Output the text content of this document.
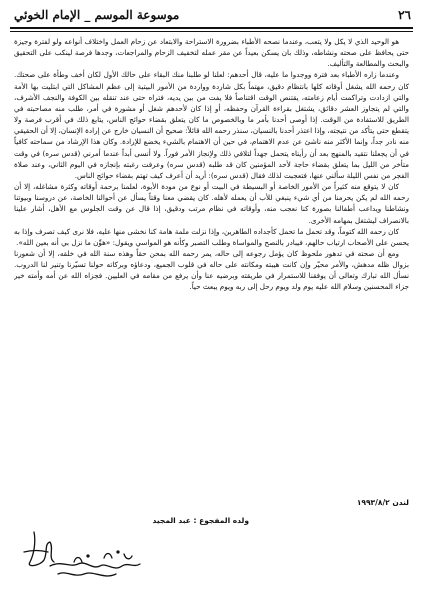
٢٦
موسوعة الموسم _ الإمام الخوئي

هو الوحيد الذي لا يكل ولا يتعب، وعندما نصحه الأطباء بضرورة الاستراحة والابتعاد عن زحام العمل واختلاف أنواعه ولو لفترة وجيزة حتى يحافظ على صحته ونشاطه، وذلك بان يسكن بعيداً عن مقر عمله لتخفيف الزحام والمراجعات، وجدها فرصة لينكب على التحقيق والبحث والمطالعة والتأليف.

وعندما زاره الأطباء بعد فترة ووجدوا ما عليه، قال أحدهم: لعلنا لو طلبنا منك البقاء على حالك الأول لكان أخف وطأة على صحتك. كان رحمه الله يشغل أوقاته كلها بانتظام دقيق، مهتماً بكل شاردة وواردة من الأمور البيتية إلى عظم المشاكل التي ابتليت بها الأمة والتي ازدادت وتراكمت أيام زعامته، يقتنص الوقت اقتناصاً فلا يفت من بين يديه، فتراه حتى عند تنقله بين الكوفة والنجف الأشرف، والتي لم يتجاوز العشر دقائق، يشتغل بقراءة القرآن وحفظه، أو إذا كان لأحدهم شغل أو مشورة في أمر، طلب منه مصاحبته في الطريق للاستفادة من الوقت. إذا أوصى أحدنا بأمر ما وبالخصوص ما كان يتعلق بقضاء حوائج الناس، يتابع ذلك في أقرب فرصة ولا يتقطع حتى يتأكد من نتيجته، وإذا اعتذر أحدنا بالنسيان، سنذر رحمه الله قائلاً: صحيح أن النسيان خارج عن إرادة الإنسان، إلا أن الحقيقي منه نادر جداً، وإنما الأكثر منه ناشئ عن عدم الاهتمام، في حين أن الاهتمام بالشيء يخضع للإرادة. وكان هذا الإرشاد من سماحته كافياً في أن يجعلنا نتقيد بالمنهج بعد أن رأيناه يتحمل جهداً لتلافي ذلك ولإنجاز الأمر فوراً. ولا أنسى أبداً عندما أمرني (قدس سره) في وقت متأخر من الليل بما يتعلق بقضاء حاجة لأحد المؤمنين كان قد طلبه (قدس سره) وعرفت رغبته بإنجازه في اليوم الثاني، وعند صلاة الفجر من نفس الليلة سألني عنها، فتعجبت لذلك فقال (قدس سره): أريد أن أعرف كيف تهتم بقضاء حوائج الناس.

كان لا يتوقع منه كثيراً من الأمور الخاصة أو البسيطة في البيت أو نوع من مودة الأبوة، لعلمنا برحمة أوقاته وكثرة مشاغله، إلا أن رحمه الله لم يكن يحرمنا من أي شيء ينبغي للأب أن يعمله لأهله. كان يقضي معنا وقتاً يسأل عن أحوالنا الخاصة، عن دروسنا وبيوتنا ونشاطنا ويداعب أطفالنا بصورة كنا نعجب منه، وأوقاته في نظام مرتب ودقيق، إذا قال عن وقت الجلوس مع الأهل، أشار علينا بالانصراف ليشتغل بمهامه الأخرى.

كان رحمه الله كتوماً، وقد تحمل ما تحمل كأجداده الطاهرين، وإذا نزلت ملمة هامة كنا نخشى منها عليه، فلا نرى كيف تصرف وإذا به يحسن على الأصحاب ارتياب حالهم، فيبادر بالنصح والمواساة وطلب التصبر وكأنه هو المواسي ويقول: «هوِّن ما نزل بي أنه بعين الله».

ومع أن صحته في تدهور ملحوظ كان يؤمل رجوعه إلى حاله، يمر رحمه الله بمحن حقاً وهذه سنة الله في خلقه، إلا أن شعورنا بزوال ظله مدهش، والأمر محيّر وإن كانت هيبته ومكانته على حاله في قلوب الجميع، ودعاؤه وبركاته حولنا تسيّرنا وتنير لنا الدروب. نسأل الله تبارك وتعالى أن يوفقنا للاستمرار في طريقته وبرضيه عنا وأن يرفع من مقامه في العليين. فجزاه الله عن أمه وأمته خير جزاء المحسنين وسلام الله عليه يوم ولد ويوم رحل إلى ربه ويوم يبعث حياً.

ولده المفجوع : عبد المجيد
لندن ١٩٩٣/٨/٢
